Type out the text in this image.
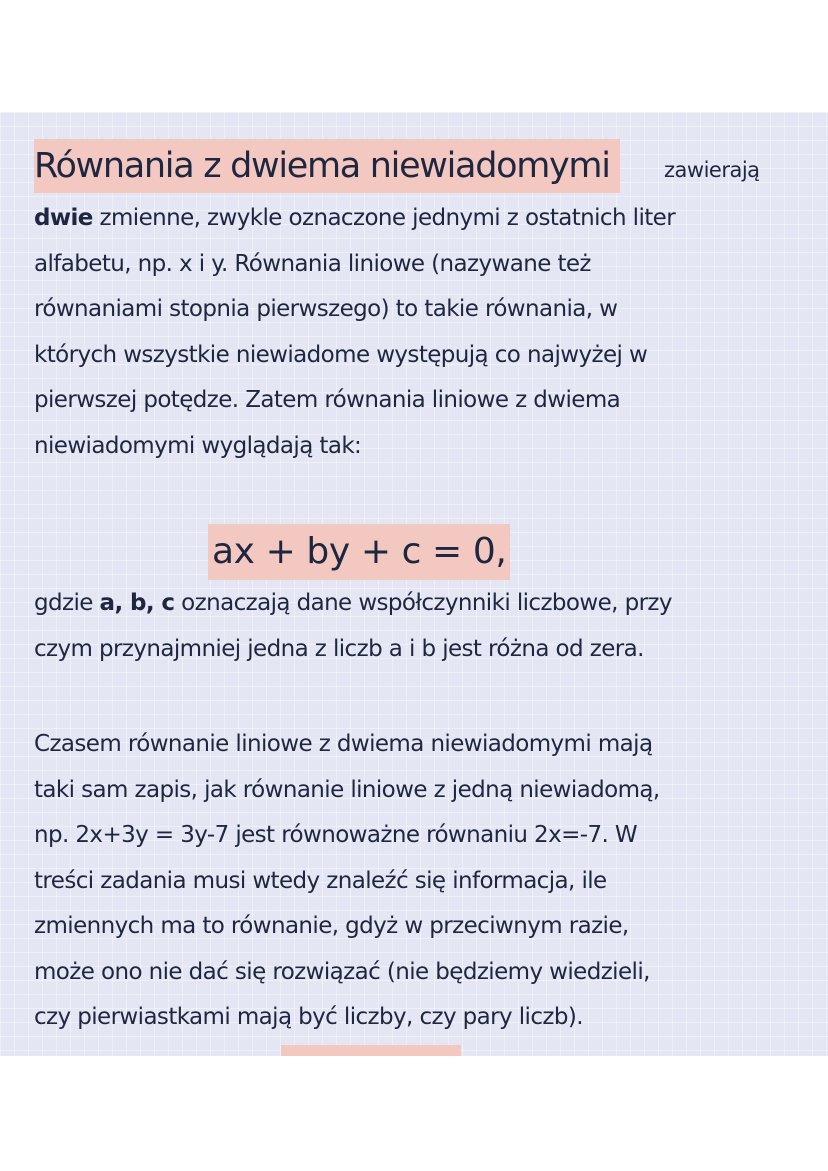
Równania z dwiema niewiadomymi	zawierają
dwie zmienne, zwykle oznaczone jednymi z ostatnich liter
alfabetu, np. x i y. Równania liniowe (nazywane też
równaniami stopnia pierwszego) to takie równania, w
których wszystkie niewiadome występują co najwyżej w
pierwszej potędze. Zatem równania liniowe z dwiema
niewiadomymi wyglądają tak:
ax + by + c = 0,
gdzie a, b, c oznaczają dane współczynniki liczbowe, przy
czym przynajmniej jedna z liczb a i b jest różna od zera.
Czasem równanie liniowe z dwiema niewiadomymi mają
taki sam zapis, jak równanie liniowe z jedną niewiadomą,
np. 2x+3y = 3y-7 jest równoważne równaniu 2x=-7. W
treści zadania musi wtedy znaleźć się informacja, ile
zmiennych ma to równanie, gdyż w przeciwnym razie,
może ono nie dać się rozwiązać (nie będziemy wiedzieli,
czy pierwiastkami mają być liczby, czy pary liczb).
